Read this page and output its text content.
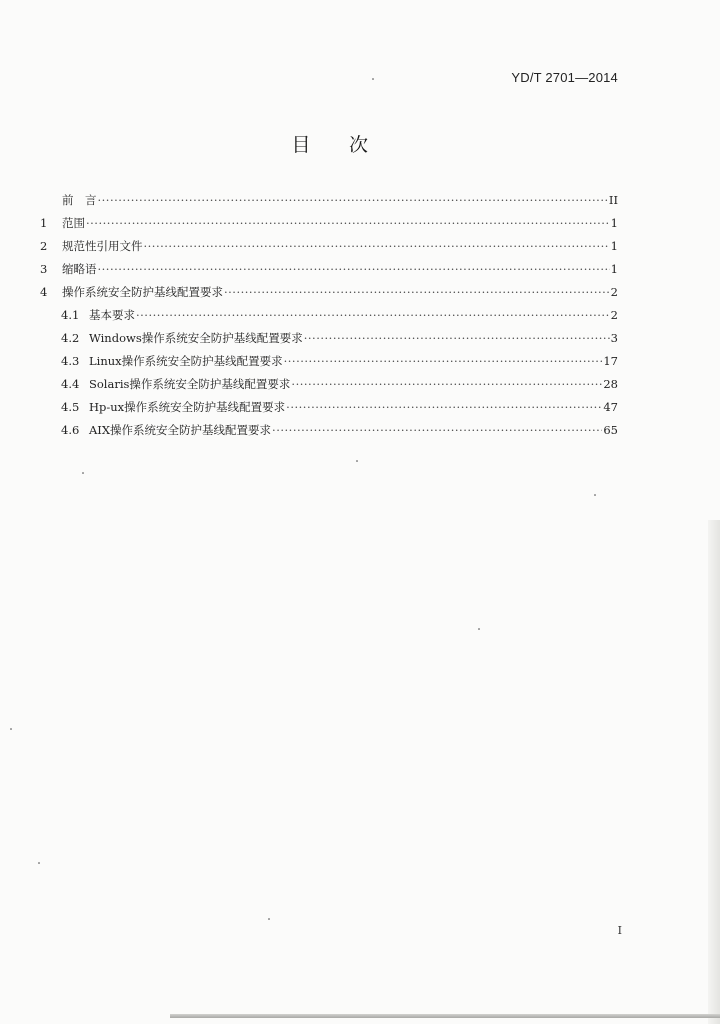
YD/T 2701—2014
目 次
前　言 ·····	II
1	范围 ·····	1
2	规范性引用文件 ·····	1
3	缩略语 ·····	1
4	操作系统安全防护基线配置要求 ·····	2
4.1 基本要求 ·····	2
4.2 Windows操作系统安全防护基线配置要求 ·····	3
4.3 Linux操作系统安全防护基线配置要求 ·····	17
4.4 Solaris操作系统安全防护基线配置要求 ·····	28
4.5 Hp-ux操作系统安全防护基线配置要求 ·····	47
4.6 AIX操作系统安全防护基线配置要求 ·····	65
I
